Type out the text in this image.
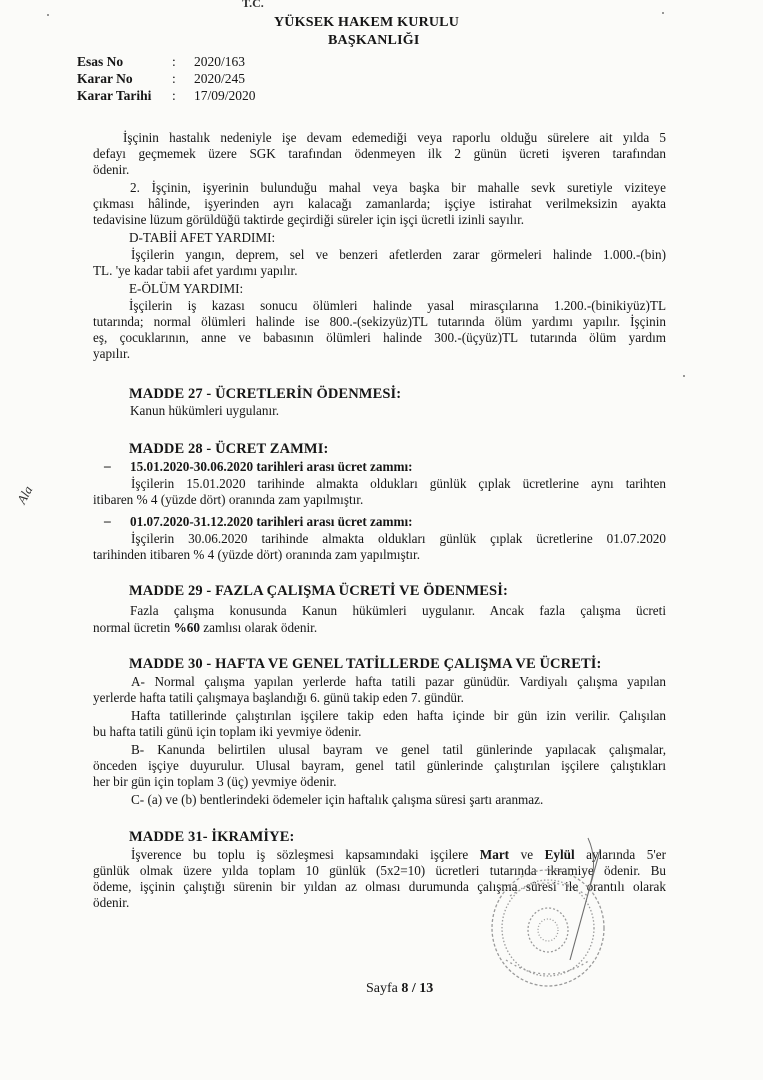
T.C.
YÜKSEK HAKEM KURULU
BAŞKANLIĞI
Esas No	: 2020/163
Karar No	: 2020/245
Karar Tarihi : 17/09/2020
İşçinin hastalık nedeniyle işe devam edemediği veya raporlu olduğu sürelere ait yılda 5
defayı geçmemek üzere SGK tarafından ödenmeyen ilk 2 günün ücreti işveren tarafından
ödenir.
2. İşçinin, işyerinin bulunduğu mahal veya başka bir mahalle sevk suretiyle viziteye
çıkması hâlinde, işyerinden ayrı kalacağı zamanlarda; işçiye istirahat verilmeksizin ayakta
tedavisine lüzum görüldüğü taktirde geçirdiği süreler için işçi ücretli izinli sayılır.
D-TABİİ AFET YARDIMI:
İşçilerin yangın, deprem, sel ve benzeri afetlerden zarar görmeleri halinde 1.000.-(bin)
TL. 'ye kadar tabii afet yardımı yapılır.
E-ÖLÜM YARDIMI:
İşçilerin iş kazası sonucu ölümleri halinde yasal mirasçılarına 1.200.-(binikiyüz)TL
tutarında; normal ölümleri halinde ise 800.-(sekizyüz)TL tutarında ölüm yardımı yapılır. İşçinin
eş, çocuklarının, anne ve babasının ölümleri halinde 300.-(üçyüz)TL tutarında ölüm yardım
yapılır.
MADDE 27 - ÜCRETLERİN ÖDENMESİ:
Kanun hükümleri uygulanır.
MADDE 28 - ÜCRET ZAMMI:
– 15.01.2020-30.06.2020 tarihleri arası ücret zammı:
İşçilerin 15.01.2020 tarihinde almakta oldukları günlük çıplak ücretlerine aynı tarihten
itibaren % 4 (yüzde dört) oranında zam yapılmıştır.
– 01.07.2020-31.12.2020 tarihleri arası ücret zammı:
İşçilerin 30.06.2020 tarihinde almakta oldukları günlük çıplak ücretlerine 01.07.2020
tarihinden itibaren % 4 (yüzde dört) oranında zam yapılmıştır.
MADDE 29 - FAZLA ÇALIŞMA ÜCRETİ VE ÖDENMESİ:
Fazla çalışma konusunda Kanun hükümleri uygulanır. Ancak fazla çalışma ücreti
normal ücretin %60 zamlısı olarak ödenir.
MADDE 30 - HAFTA VE GENEL TATİLLERDE ÇALIŞMA VE ÜCRETİ:
A- Normal çalışma yapılan yerlerde hafta tatili pazar günüdür. Vardiyalı çalışma yapılan
yerlerde hafta tatili çalışmaya başlandığı 6. günü takip eden 7. gündür.
Hafta tatillerinde çalıştırılan işçilere takip eden hafta içinde bir gün izin verilir. Çalışılan
bu hafta tatili günü için toplam iki yevmiye ödenir.
B- Kanunda belirtilen ulusal bayram ve genel tatil günlerinde yapılacak çalışmalar,
önceden işçiye duyurulur. Ulusal bayram, genel tatil günlerinde çalıştırılan işçilere çalıştıkları
her bir gün için toplam 3 (üç) yevmiye ödenir.
C- (a) ve (b) bentlerindeki ödemeler için haftalık çalışma süresi şartı aranmaz.
MADDE 31- İKRAMİYE:
İşverence bu toplu iş sözleşmesi kapsamındaki işçilere Mart ve Eylül aylarında 5'er
günlük olmak üzere yılda toplam 10 günlük (5x2=10) ücretleri tutarında ikramiye ödenir. Bu
ödeme, işçinin çalıştığı sürenin bir yıldan az olması durumunda çalışma süresi ile orantılı olarak
ödenir.
Sayfa 8 / 13
Ala
